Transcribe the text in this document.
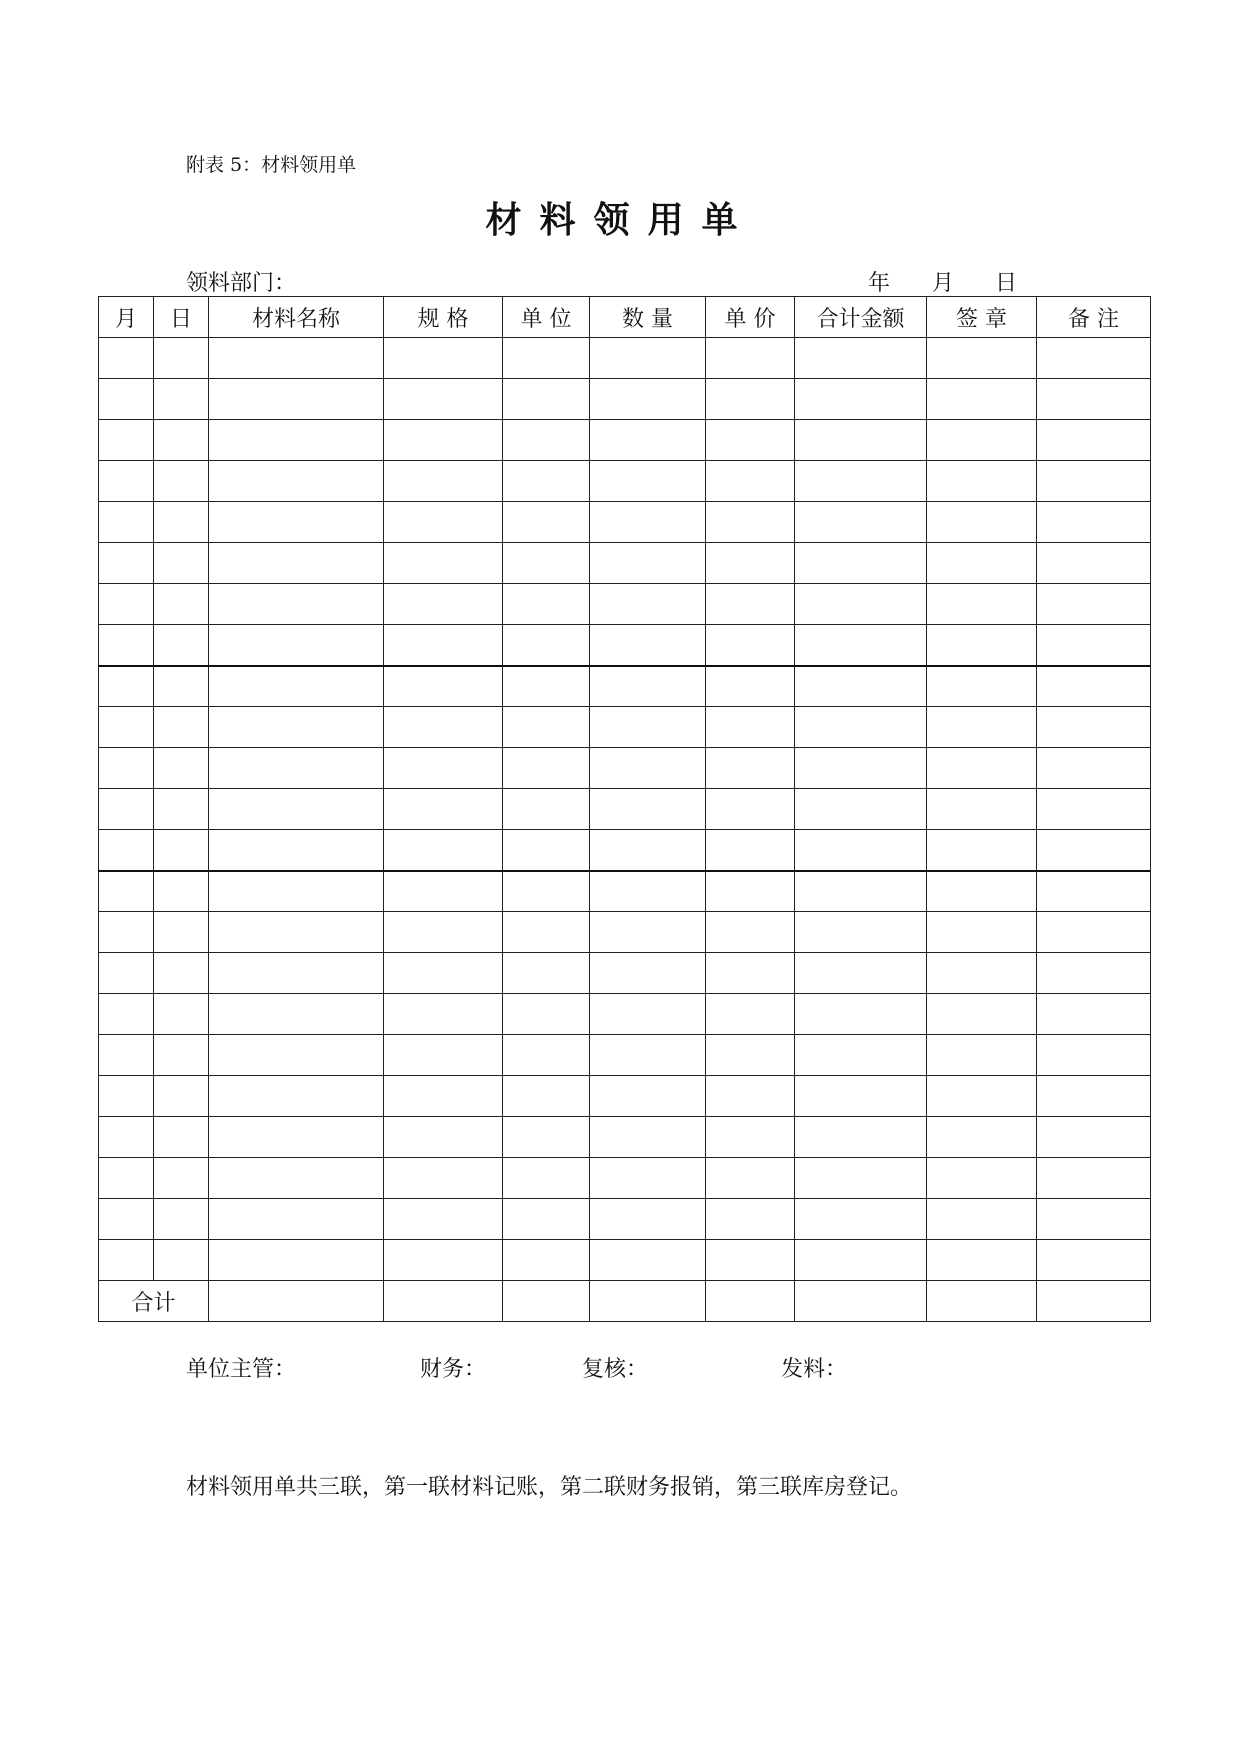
附表 5：材料领用单
材料领用单
领料部门：	年 月 日
月	日	材料名称	规 格	单 位	数 量	单 价	合计金额	签 章	备 注

合计									
单位主管：	财务：	复核：	发料：
材料领用单共三联，第一联材料记账，第二联财务报销，第三联库房登记。
